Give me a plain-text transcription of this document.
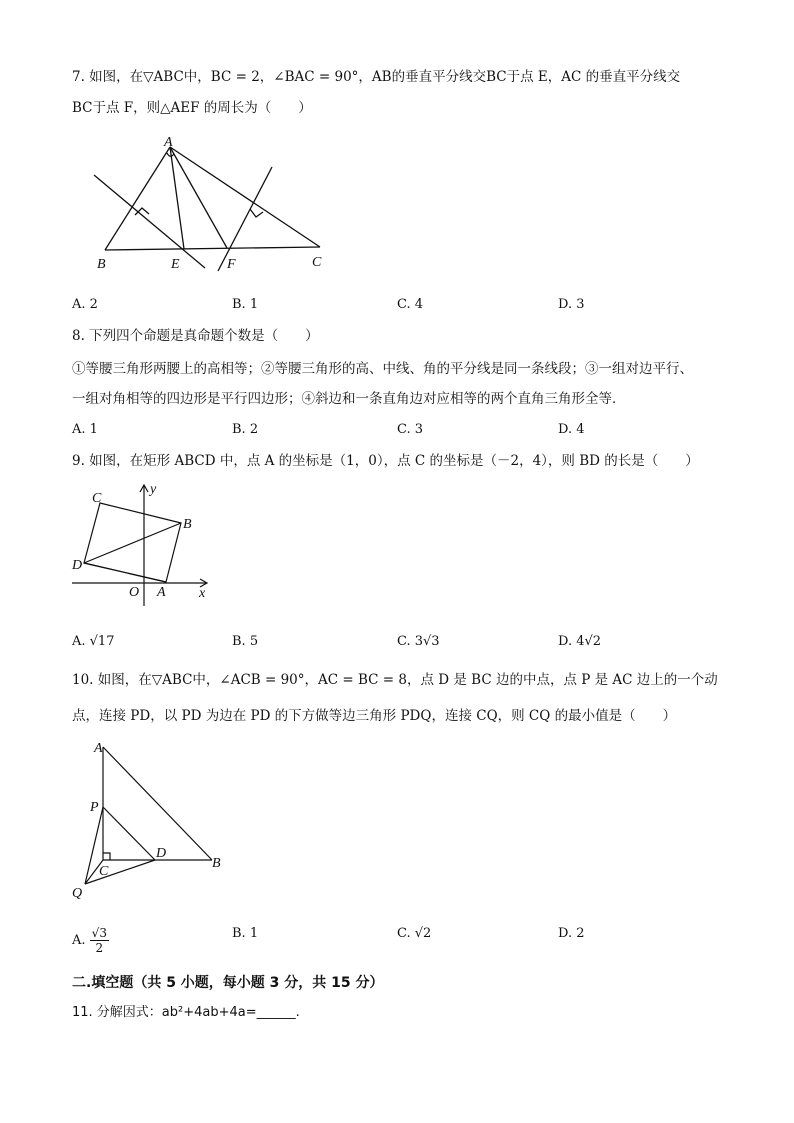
7. 如图，在▽ABC中，BC = 2，∠BAC = 90°，AB的垂直平分线交BC于点 E，AC 的垂直平分线交
BC于点 F，则△AEF 的周长为（　　）
A
B	E	F	C
A. 2	B. 1	C. 4	D. 3
8. 下列四个命题是真命题个数是（　　）
①等腰三角形两腰上的高相等；②等腰三角形的高、中线、角的平分线是同一条线段；③一组对边平行、
一组对角相等的四边形是平行四边形；④斜边和一条直角边对应相等的两个直角三角形全等．
A. 1	B. 2	C. 3	D. 4
9. 如图，在矩形 ABCD 中，点 A 的坐标是（1，0），点 C 的坐标是（－2，4），则 BD 的长是（　　）
C
B
D
O A x
y
A. √17	B. 5	C. 3√3	D. 4√2
10. 如图，在▽ABC中，∠ACB = 90°，AC = BC = 8，点 D 是 BC 边的中点，点 P 是 AC 边上的一个动
点，连接 PD，以 PD 为边在 PD 的下方做等边三角形 PDQ，连接 CQ，则 CQ 的最小值是（　　）
A
P
C
D
B
Q
A. $\frac{√3}{2}$	B. 1	C. √2	D. 2
二.填空题（共 5 小题，每小题 3 分，共 15 分）
11. 分解因式：ab²+4ab+4a=______.
